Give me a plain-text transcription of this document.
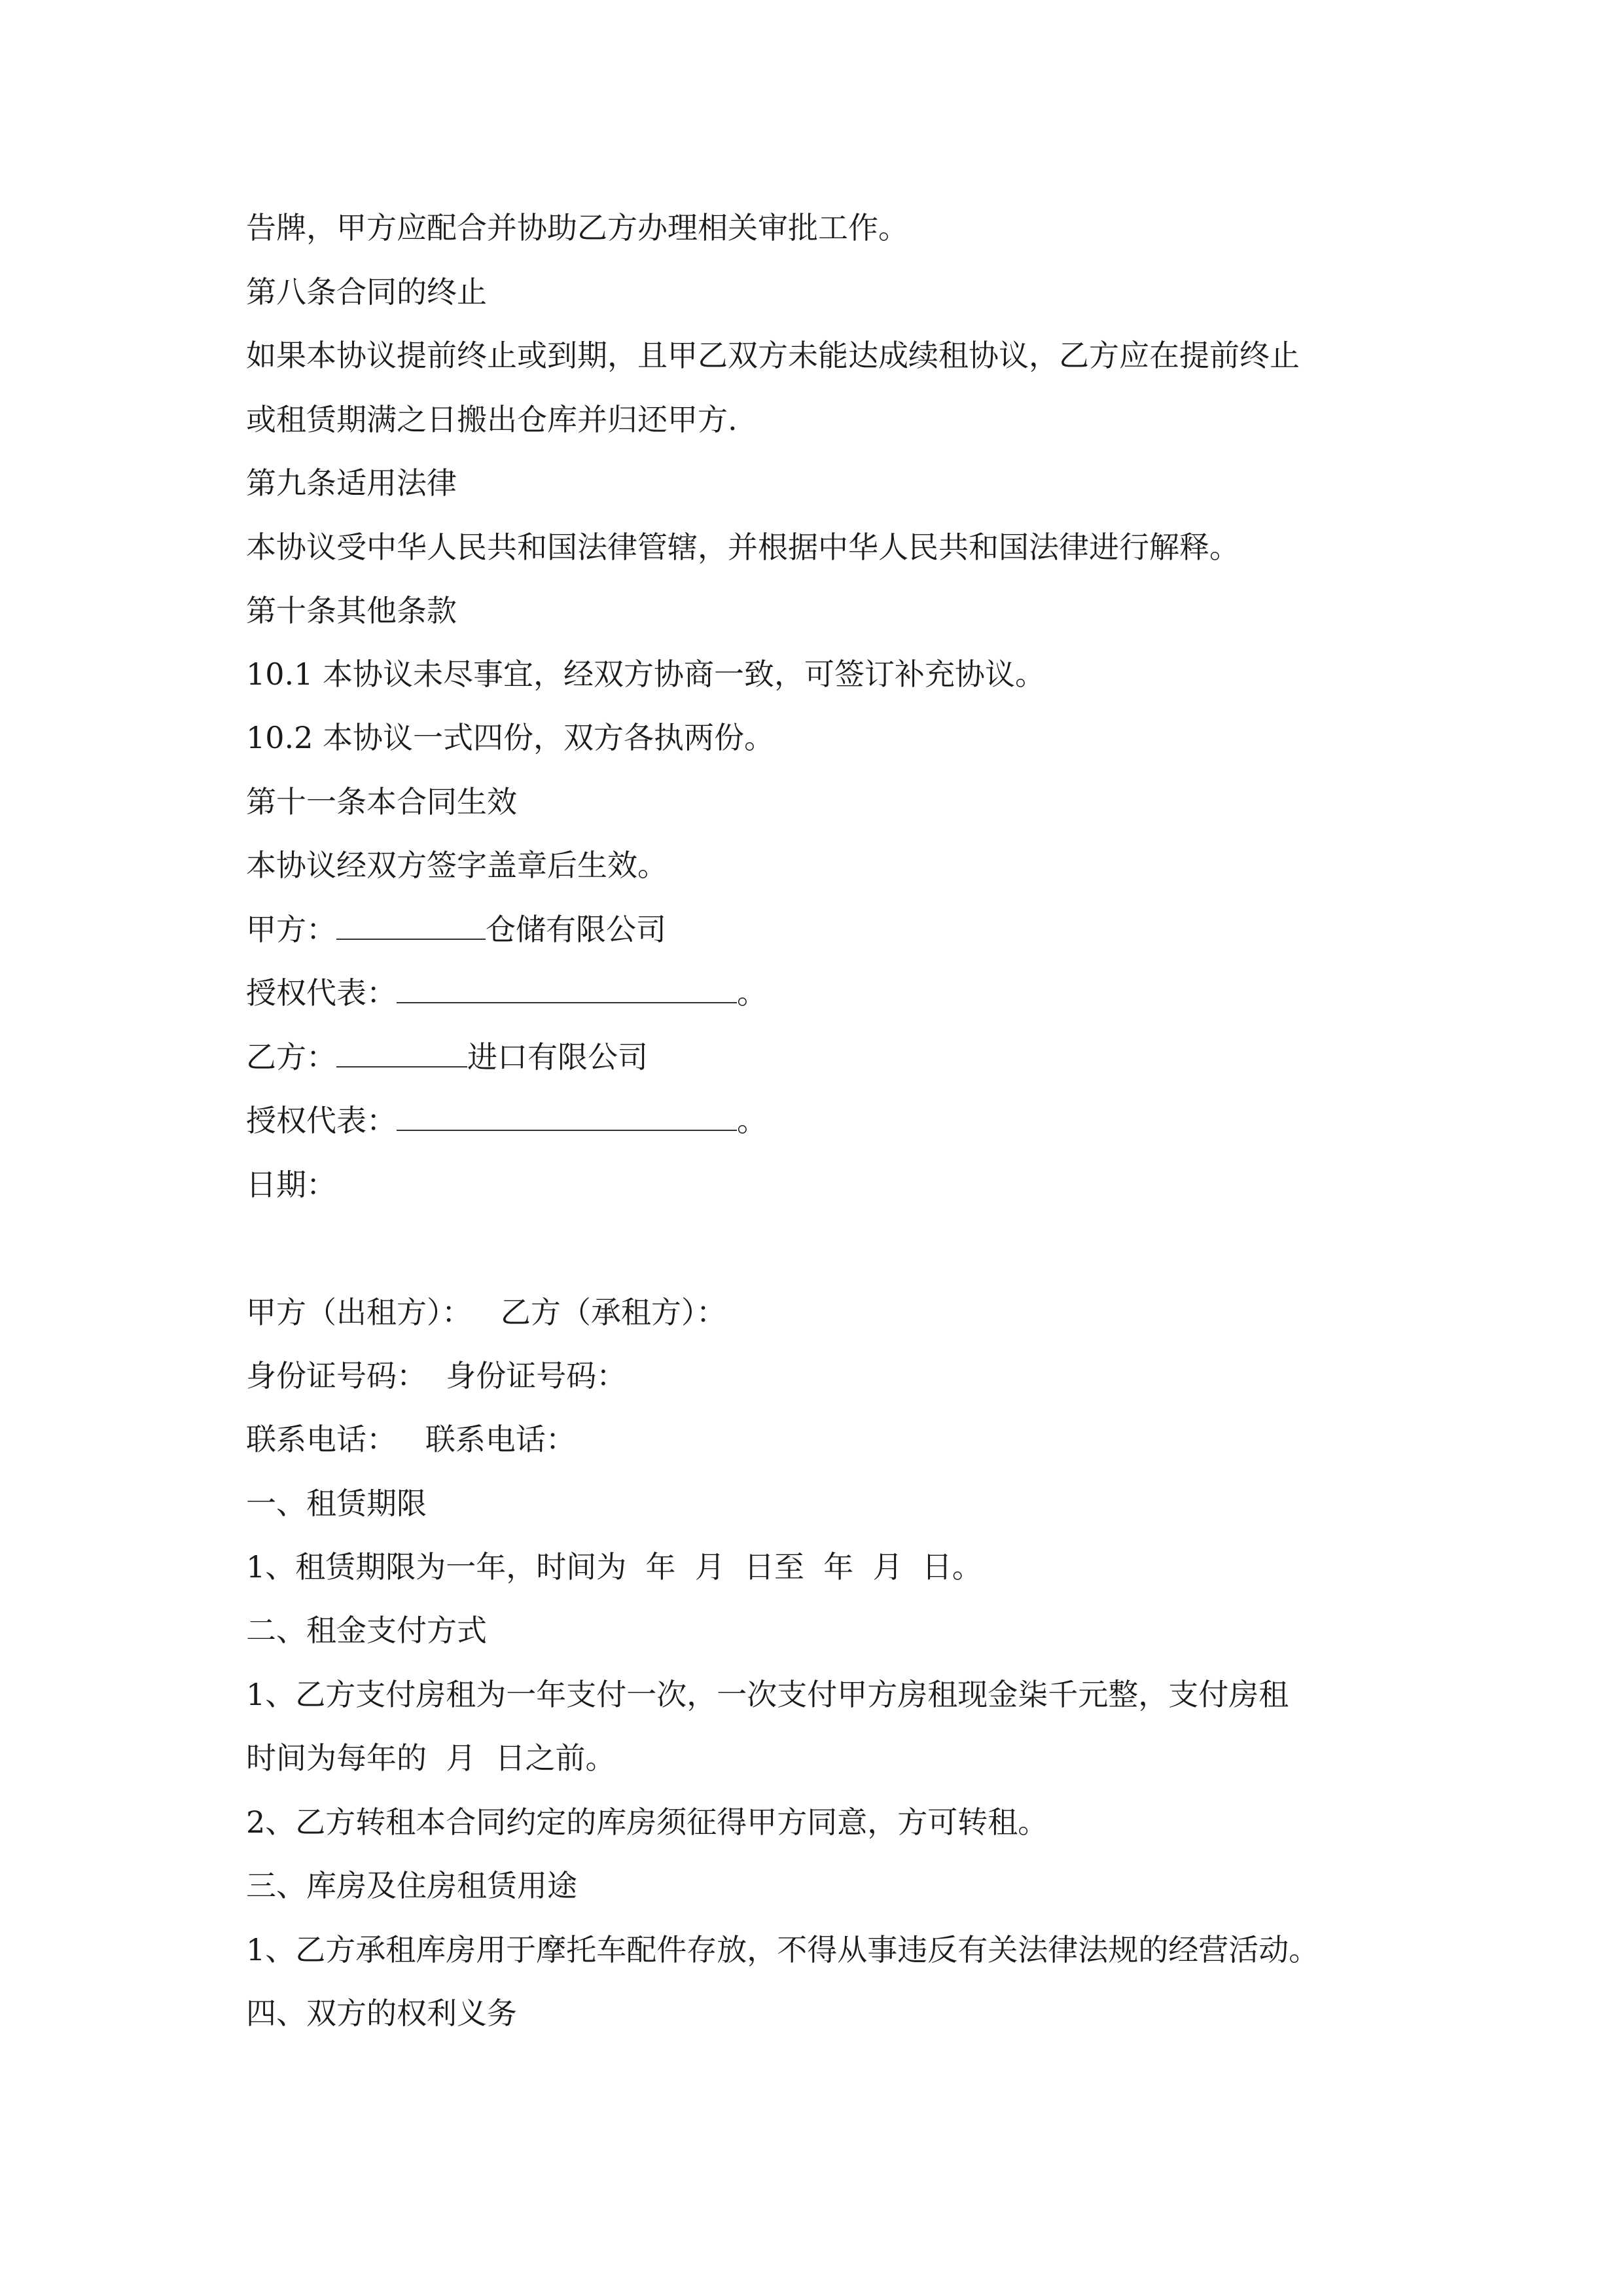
告牌，甲方应配合并协助乙方办理相关审批工作。
第八条合同的终止
如果本协议提前终止或到期，且甲乙双方未能达成续租协议，乙方应在提前终止
或租赁期满之日搬出仓库并归还甲方.
第九条适用法律
本协议受中华人民共和国法律管辖，并根据中华人民共和国法律进行解释。
第十条其他条款
10.1 本协议未尽事宜，经双方协商一致，可签订补充协议。
10.2 本协议一式四份，双方各执两份。
第十一条本合同生效
本协议经双方签字盖章后生效。
甲方：	仓储有限公司
授权代表：	。
乙方：	进口有限公司
授权代表：	。
日期：
甲方（出租方）：   乙方（承租方）：
身份证号码：  身份证号码：
联系电话：   联系电话：
一、租赁期限
1、租赁期限为一年，时间为  年  月  日至  年  月  日。
二、租金支付方式
1、乙方支付房租为一年支付一次，一次支付甲方房租现金柒千元整，支付房租
时间为每年的  月  日之前。
2、乙方转租本合同约定的库房须征得甲方同意，方可转租。
三、库房及住房租赁用途
1、乙方承租库房用于摩托车配件存放，不得从事违反有关法律法规的经营活动。
四、双方的权利义务
